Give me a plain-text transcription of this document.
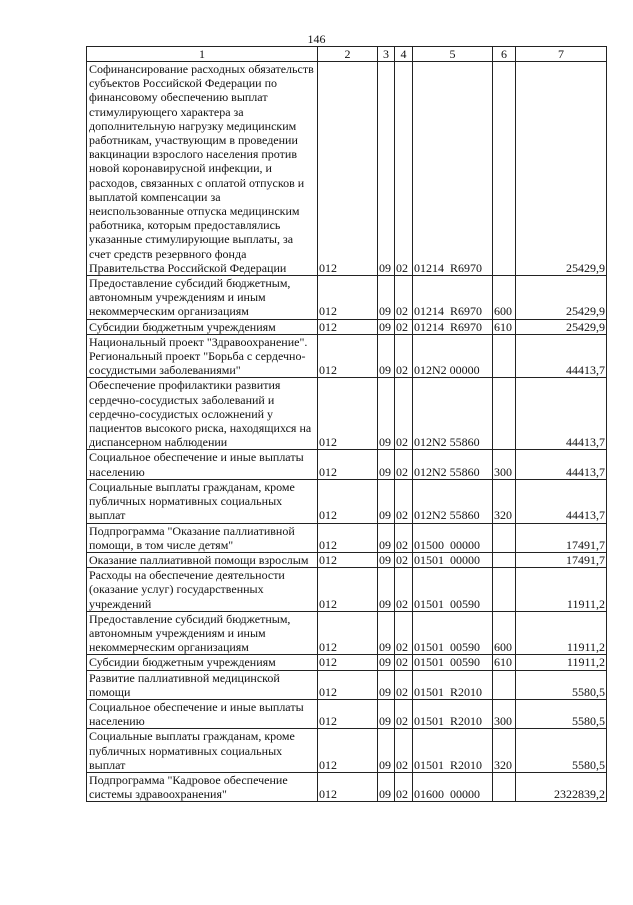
146
1	2	3	4	5	6	7
Софинансирование расходных обязательств субъектов Российской Федерации по финансовому обеспечению выплат стимулирующего характера за дополнительную нагрузку медицинским работникам, участвующим в проведении вакцинации взрослого населения против новой коронавирусной инфекции, и расходов, связанных с оплатой отпусков и выплатой компенсации за неиспользованные отпуска медицинским работника, которым предоставлялись указанные стимулирующие выплаты, за счет средств резервного фонда Правительства Российской Федерации	012	09	02	01214  R6970		25429,9
Предоставление субсидий бюджетным, автономным учреждениям и иным некоммерческим организациям	012	09	02	01214  R6970	600	25429,9
Субсидии бюджетным учреждениям	012	09	02	01214  R6970	610	25429,9
Национальный проект "Здравоохранение". Региональный проект "Борьба с сердечно-сосудистыми заболеваниями"	012	09	02	012N2 00000		44413,7
Обеспечение профилактики развития сердечно-сосудистых заболеваний и сердечно-сосудистых осложнений у пациентов высокого риска, находящихся на диспансерном наблюдении	012	09	02	012N2 55860		44413,7
Социальное обеспечение и иные выплаты населению	012	09	02	012N2 55860	300	44413,7
Социальные выплаты гражданам, кроме публичных нормативных социальных выплат	012	09	02	012N2 55860	320	44413,7
Подпрограмма "Оказание паллиативной помощи, в том числе детям"	012	09	02	01500  00000		17491,7
Оказание паллиативной помощи взрослым	012	09	02	01501  00000		17491,7
Расходы на обеспечение деятельности (оказание услуг) государственных учреждений	012	09	02	01501  00590		11911,2
Предоставление субсидий бюджетным, автономным учреждениям и иным некоммерческим организациям	012	09	02	01501  00590	600	11911,2
Субсидии бюджетным учреждениям	012	09	02	01501  00590	610	11911,2
Развитие паллиативной медицинской помощи	012	09	02	01501  R2010		5580,5
Социальное обеспечение и иные выплаты населению	012	09	02	01501  R2010	300	5580,5
Социальные выплаты гражданам, кроме публичных нормативных социальных выплат	012	09	02	01501  R2010	320	5580,5
Подпрограмма "Кадровое обеспечение системы здравоохранения"	012	09	02	01600  00000		2322839,2
